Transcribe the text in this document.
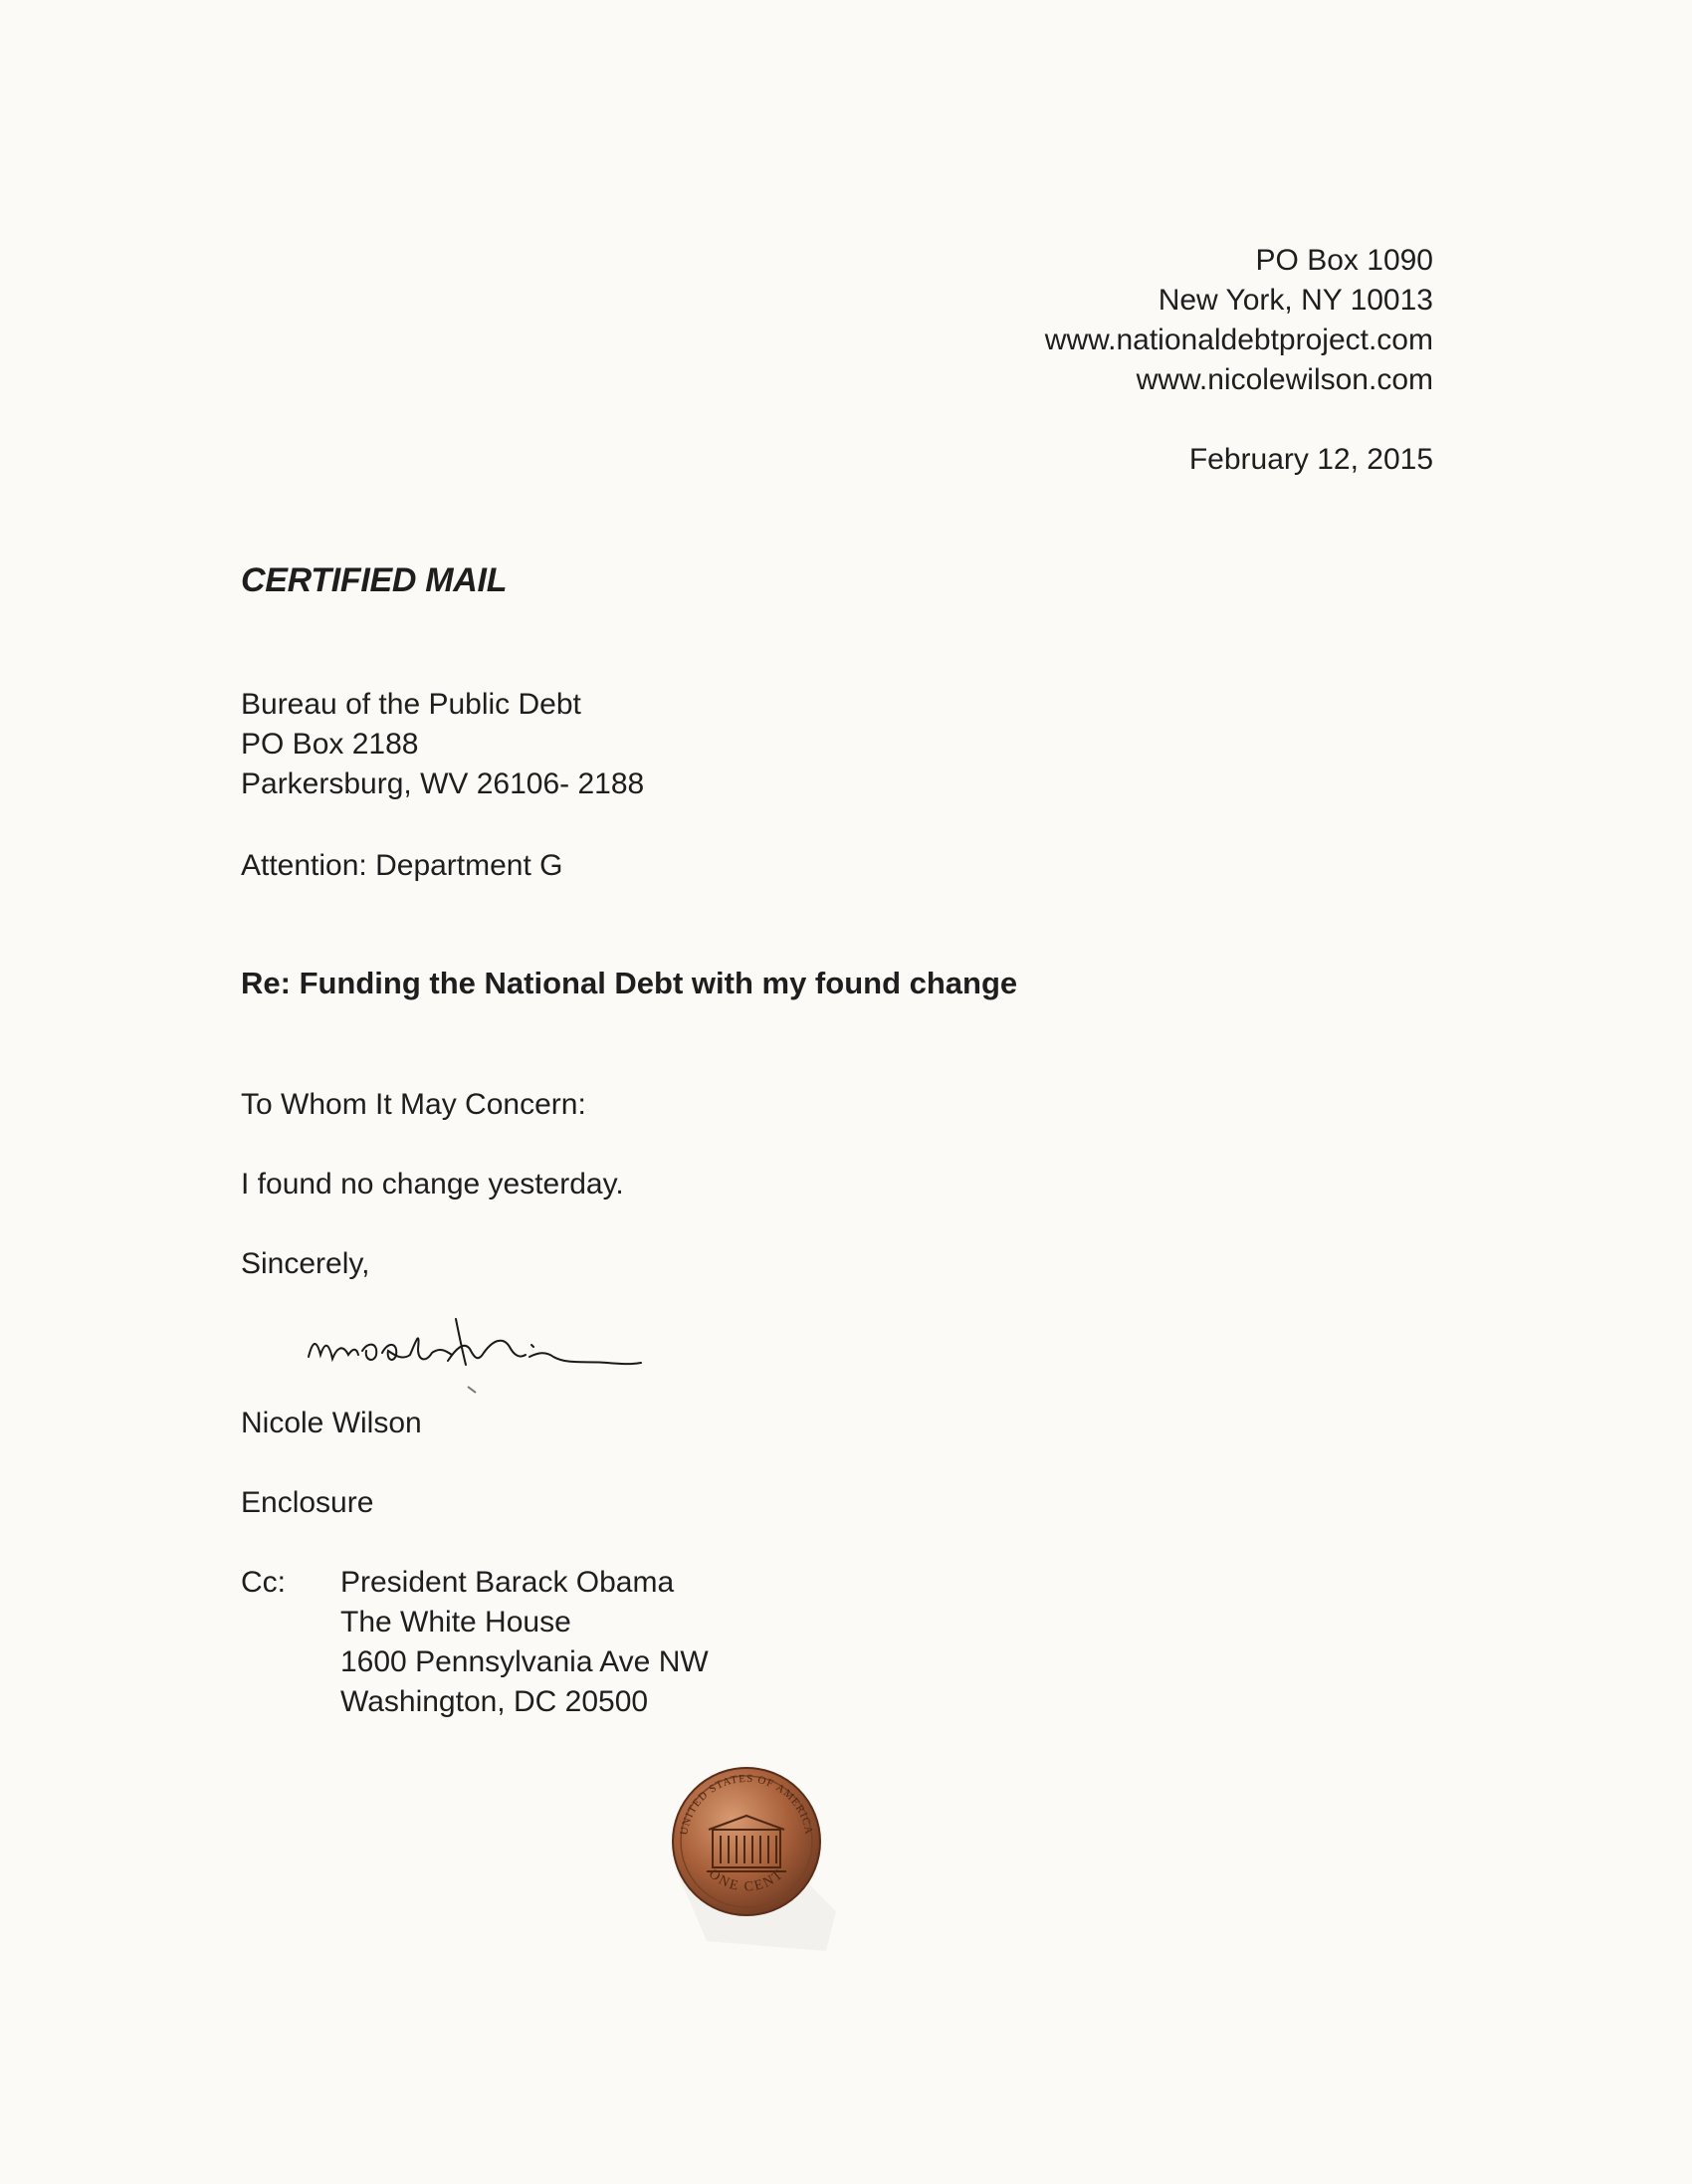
PO Box 1090
New York, NY 10013
www.nationaldebtproject.com
www.nicolewilson.com
February 12, 2015
CERTIFIED MAIL
Bureau of the Public Debt
PO Box 2188
Parkersburg, WV 26106- 2188
Attention: Department G
Re: Funding the National Debt with my found change
To Whom It May Concern:
I found no change yesterday.
Sincerely,
Nicole Wilson
Enclosure
Cc: President Barack Obama
The White House
1600 Pennsylvania Ave NW
Washington, DC 20500
UNITED STATES OF AMERICA
ONE CENT
